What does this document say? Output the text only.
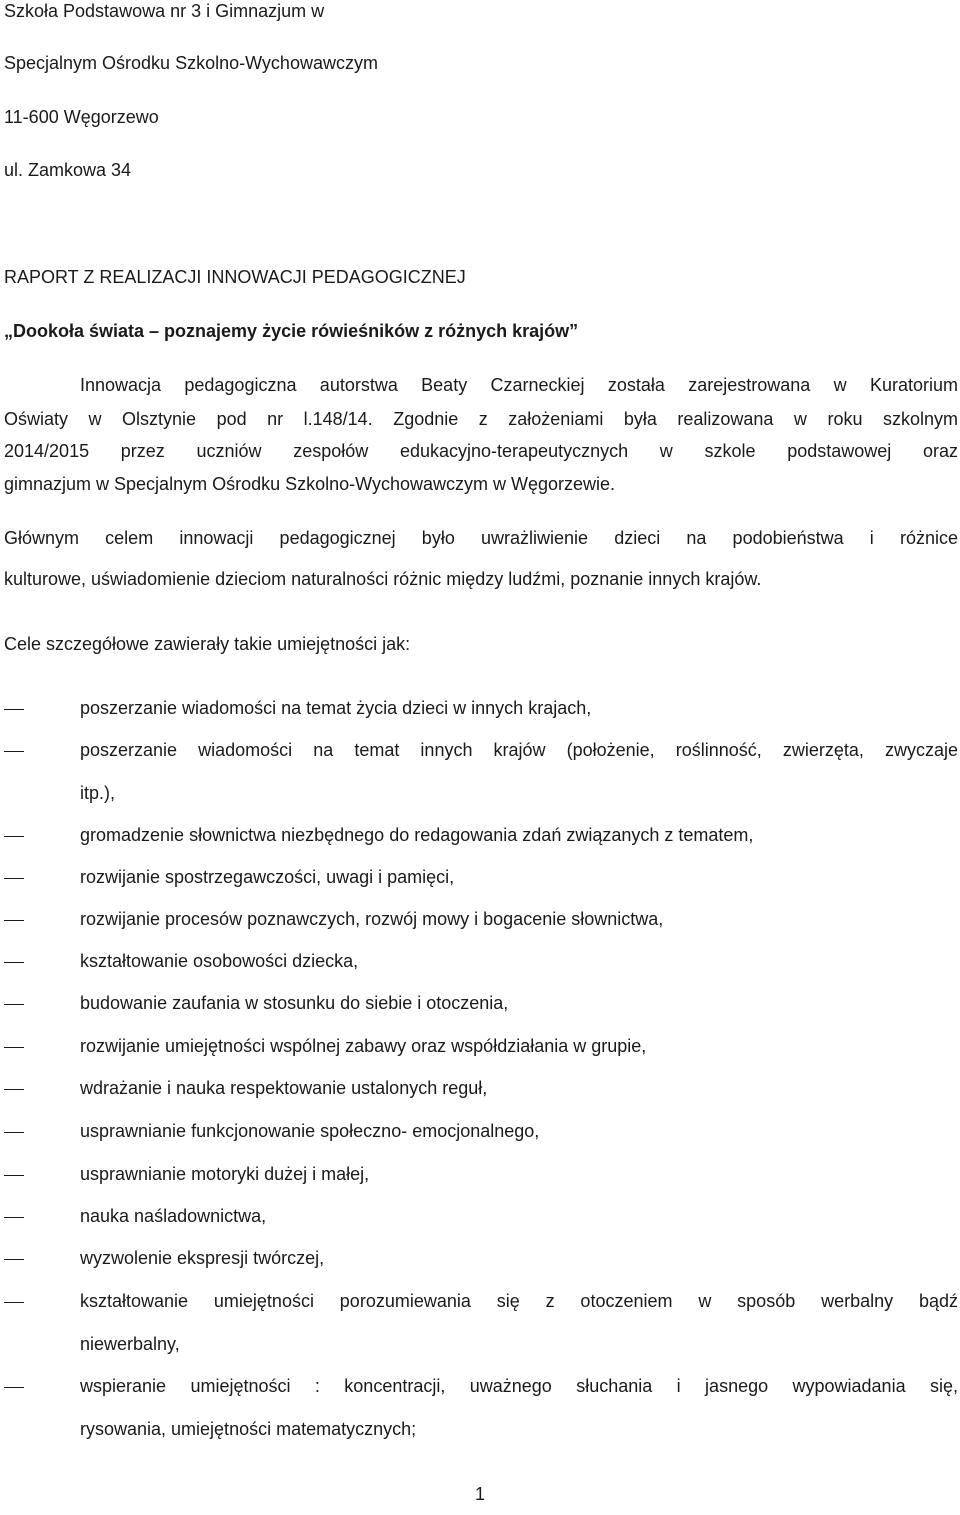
Szkoła Podstawowa nr 3 i Gimnazjum w
Specjalnym Ośrodku Szkolno-Wychowawczym
11-600 Węgorzewo
ul. Zamkowa 34
RAPORT Z REALIZACJI INNOWACJI PEDAGOGICZNEJ
„Dookoła świata – poznajemy życie rówieśników z różnych krajów”
Innowacja pedagogiczna autorstwa Beaty Czarneckiej została zarejestrowana w Kuratorium
Oświaty w Olsztynie pod nr l.148/14. Zgodnie z założeniami była realizowana w roku szkolnym
2014/2015 przez uczniów zespołów edukacyjno-terapeutycznych w szkole podstawowej oraz
gimnazjum w Specjalnym Ośrodku Szkolno-Wychowawczym w Węgorzewie.
Głównym celem innowacji pedagogicznej było uwrażliwienie dzieci na podobieństwa i różnice
kulturowe, uświadomienie dzieciom naturalności różnic między ludźmi, poznanie innych krajów.
Cele szczegółowe zawierały takie umiejętności jak:
poszerzanie wiadomości na temat życia dzieci w innych krajach,
poszerzanie wiadomości na temat innych krajów (położenie, roślinność, zwierzęta, zwyczaje
itp.),
gromadzenie słownictwa niezbędnego do redagowania zdań związanych z tematem,
rozwijanie spostrzegawczości, uwagi i pamięci,
rozwijanie procesów poznawczych, rozwój mowy i bogacenie słownictwa,
kształtowanie osobowości dziecka,
budowanie zaufania w stosunku do siebie i otoczenia,
rozwijanie umiejętności wspólnej zabawy oraz współdziałania w grupie,
wdrażanie i nauka respektowanie ustalonych reguł,
usprawnianie funkcjonowanie społeczno- emocjonalnego,
usprawnianie motoryki dużej i małej,
nauka naśladownictwa,
wyzwolenie ekspresji twórczej,
kształtowanie umiejętności porozumiewania się z otoczeniem w sposób werbalny bądź
niewerbalny,
wspieranie umiejętności : koncentracji, uważnego słuchania i jasnego wypowiadania się,
rysowania, umiejętności matematycznych;
1
